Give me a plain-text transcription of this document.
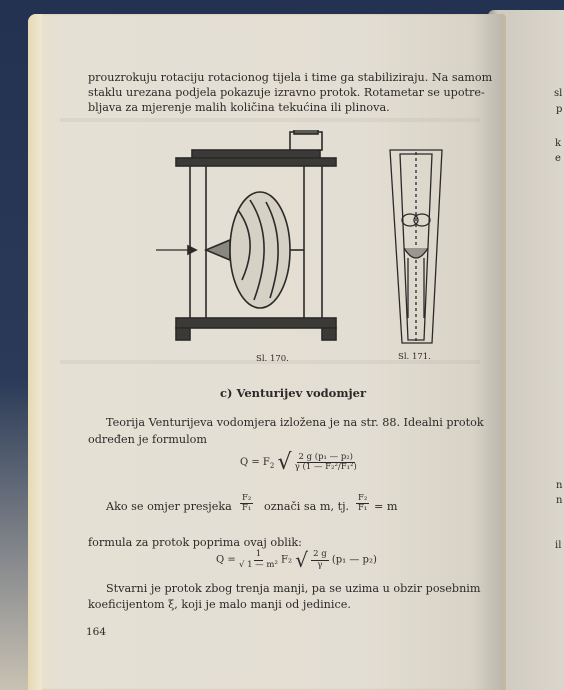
prouzrokuju rotaciju rotacionog tijela i time ga stabiliziraju. Na samom
staklu urezana podjela pokazuje izravno protok. Rotametar se upotre-
bljava za mjerenje malih količina tekućina ili plinova.
Sl. 170.	Sl. 171.
c) Venturijev vodomjer
Teorija Venturijeva vodomjera izložena je na str. 88. Idealni protok
određen je formulom
$Q = F_2$ √ $\frac{\text{2 g (p₁ — p₂)}}{\text{γ (1 — F₂²/F₁²)}}$
Ako se omjer presjeka $\frac{\text{F₂}}{\text{F₁}}$ označi sa m, tj. $\frac{\text{F₂}}{\text{F₁}} = m$
formula za protok poprima ovaj oblik:
$Q = \frac{1}{\text{√ 1 — m²}} F_2$ √ $\frac{2 g}{\gamma} (p_1$ — p₂)
Stvarni je protok zbog trenja manji, pa se uzima u obzir posebnim
koeficijentom ξ, koji je malo manji od jedinice.
164
sl
p
k
e
n
n
il
